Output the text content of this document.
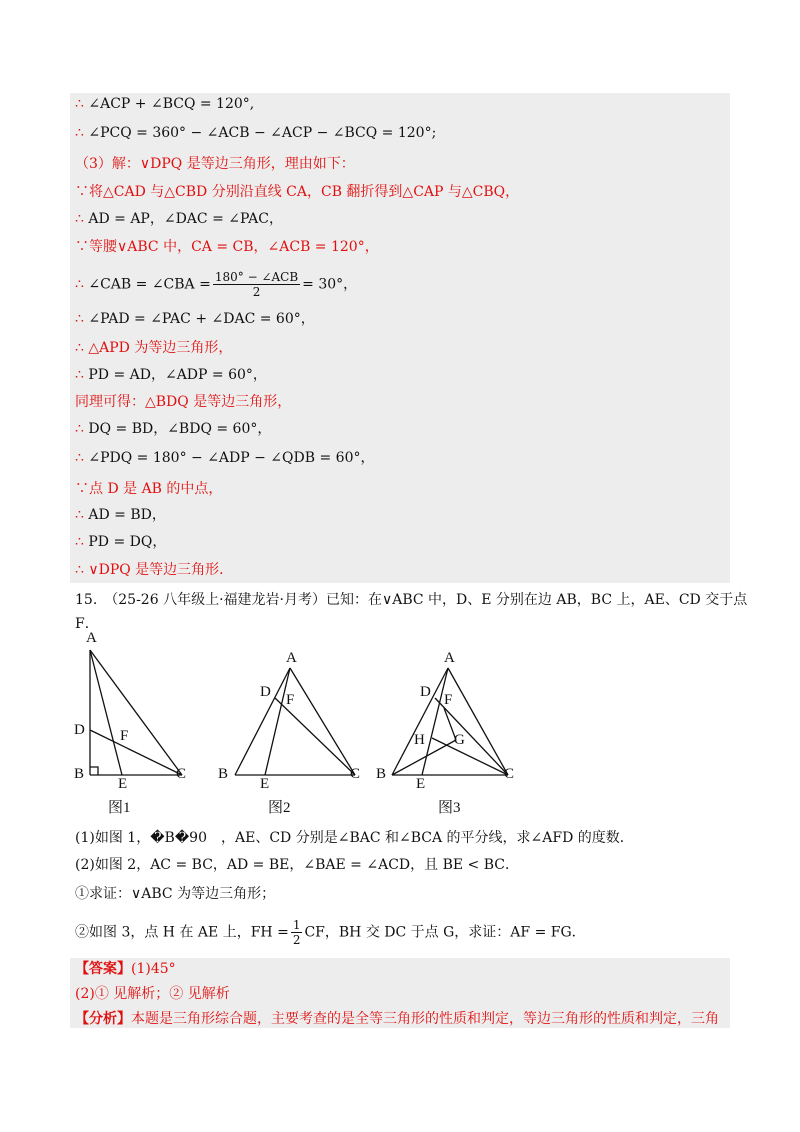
∴ ∠ACP + ∠BCQ = 120°,
∴ ∠PCQ = 360° − ∠ACB − ∠ACP − ∠BCQ = 120°;
（3）解：∨DPQ 是等边三角形，理由如下：
∵将△CAD 与△CBD 分别沿直线 CA，CB 翻折得到△CAP 与△CBQ，
∴ AD = AP，∠DAC = ∠PAC，
∵等腰∨ABC 中，CA = CB，∠ACB = 120°，
∴ ∠CAB = ∠CBA = $\frac{\text{180° − ∠ACB}}{2} = 30^\circ$，
∴ ∠PAD = ∠PAC + ∠DAC = 60°，
∴ △APD 为等边三角形，
∴ PD = AD，∠ADP = 60°，
同理可得：△BDQ 是等边三角形，
∴ DQ = BD，∠BDQ = 60°，
∴ ∠PDQ = 180° − ∠ADP − ∠QDB = 60°，
∵点 D 是 AB 的中点，
∴ AD = BD，
∴ PD = DQ，
∴ ∨DPQ 是等边三角形．
15.　（25-26 八年级上·福建龙岩·月考）已知：在∨ABC 中，D、E 分别在边 AB，BC 上，AE、CD 交于点
F．
A
D F
B
E
C
图1
A
D F
B
E
C
图2
A
D F
H G
B
E
C
图3
(1)如图 1，�B�90　，AE、CD 分别是∠BAC 和∠BCA 的平分线，求∠AFD 的度数．
(2)如图 2，AC = BC，AD = BE，∠BAE = ∠ACD，且 BE < BC．
①求证：∨ABC 为等边三角形；
②如图 3，点 H 在 AE 上，FH = $\frac{1}{2}$ CF，BH 交 DC 于点 G，求证：AF = FG．
【答案】(1)45°
(2)① 见解析；② 见解析
【分析】本题是三角形综合题，主要考查的是全等三角形的性质和判定，等边三角形的性质和判定，三角
